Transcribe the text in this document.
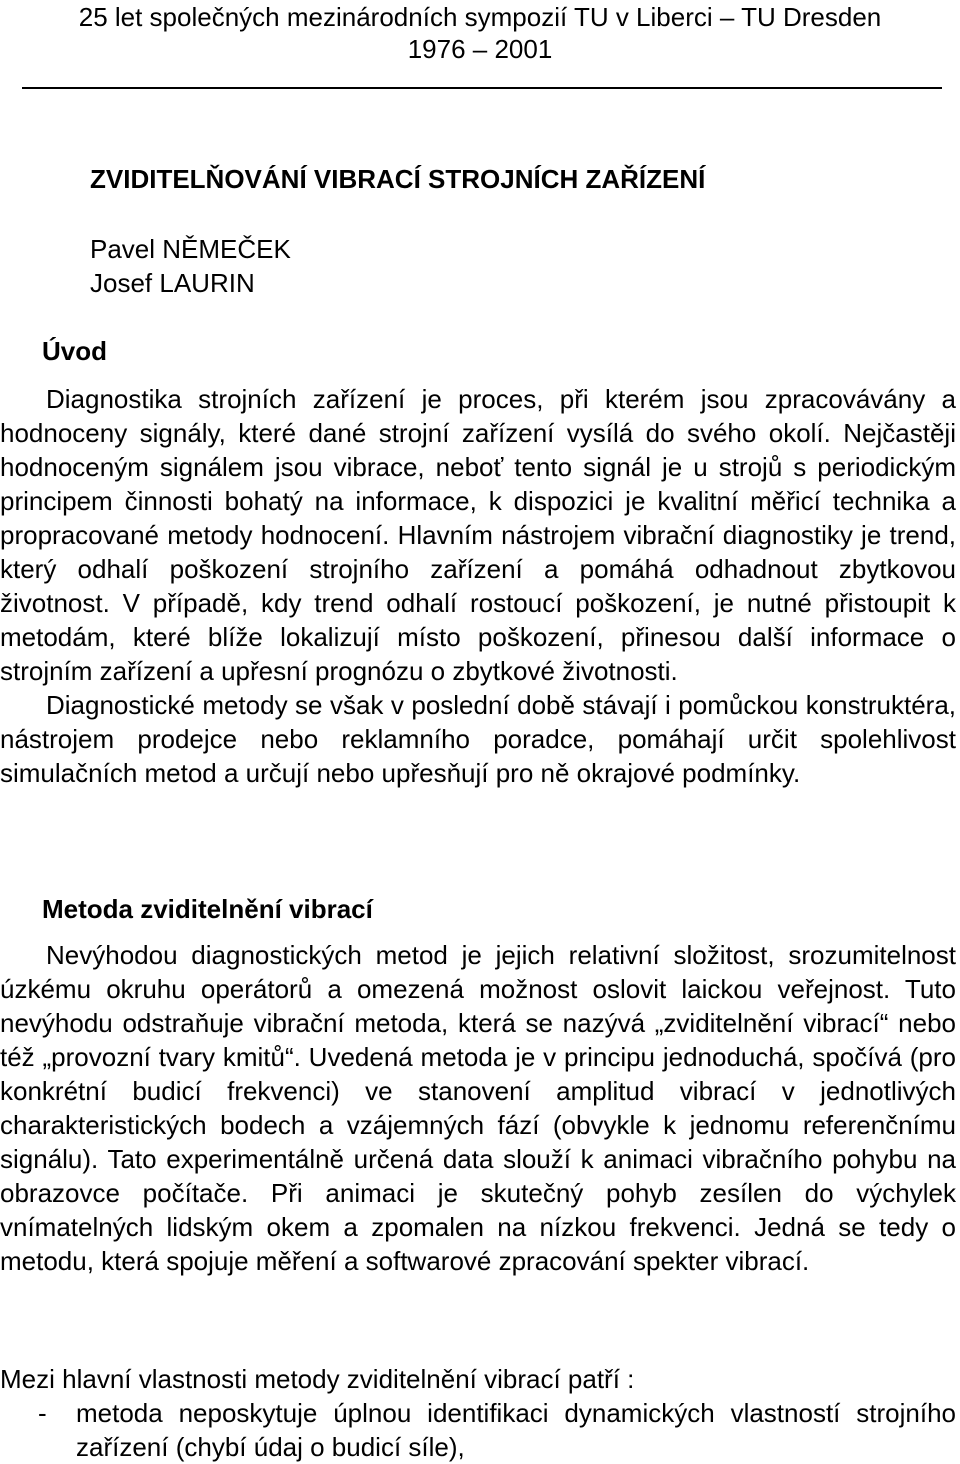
25 let společných mezinárodních sympozií TU v Liberci – TU Dresden
1976 – 2001
ZVIDITELŇOVÁNÍ VIBRACÍ STROJNÍCH ZAŘÍZENÍ
Pavel NĚMEČEK
Josef LAURIN
Úvod

Diagnostika strojních zařízení je proces, při kterém jsou zpracovávány a hodnoceny signály, které dané strojní zařízení vysílá do svého okolí. Nejčastěji hodnoceným signálem jsou vibrace, neboť tento signál je u strojů s periodickým principem činnosti bohatý na informace, k dispozici je kvalitní měřicí technika a propracované metody hodnocení. Hlavním nástrojem vibrační diagnostiky je trend, který odhalí poškození strojního zařízení a pomáhá odhadnout zbytkovou životnost. V případě, kdy trend odhalí rostoucí poškození, je nutné přistoupit k metodám, které blíže lokalizují místo poškození, přinesou další informace o strojním zařízení a upřesní prognózu o zbytkové životnosti.

Diagnostické metody se však v poslední době stávají i pomůckou konstruktéra, nástrojem prodejce nebo reklamního poradce, pomáhají určit spolehlivost simulačních metod a určují nebo upřesňují pro ně okrajové podmínky.

Metoda zviditelnění vibrací

Nevýhodou diagnostických metod je jejich relativní složitost, srozumitelnost úzkému okruhu operátorů a omezená možnost oslovit laickou veřejnost. Tuto nevýhodu odstraňuje vibrační metoda, která se nazývá „zviditelnění vibrací“ nebo též „provozní tvary kmitů“. Uvedená metoda je v principu jednoduchá, spočívá (pro konkrétní budicí frekvenci) ve stanovení amplitud vibrací v jednotlivých charakteristických bodech a vzájemných fází (obvykle k jednomu referenčnímu signálu). Tato experimentálně určená data slouží k animaci vibračního pohybu na obrazovce počítače. Při animaci je skutečný pohyb zesílen do výchylek vnímatelných lidským okem a zpomalen na nízkou frekvenci. Jedná se tedy o metodu, která spojuje měření a softwarové zpracování spekter vibrací.

Mezi hlavní vlastnosti metody zviditelnění vibrací patří :
- metoda neposkytuje úplnou identifikaci dynamických vlastností strojního zařízení (chybí údaj o budicí síle),
